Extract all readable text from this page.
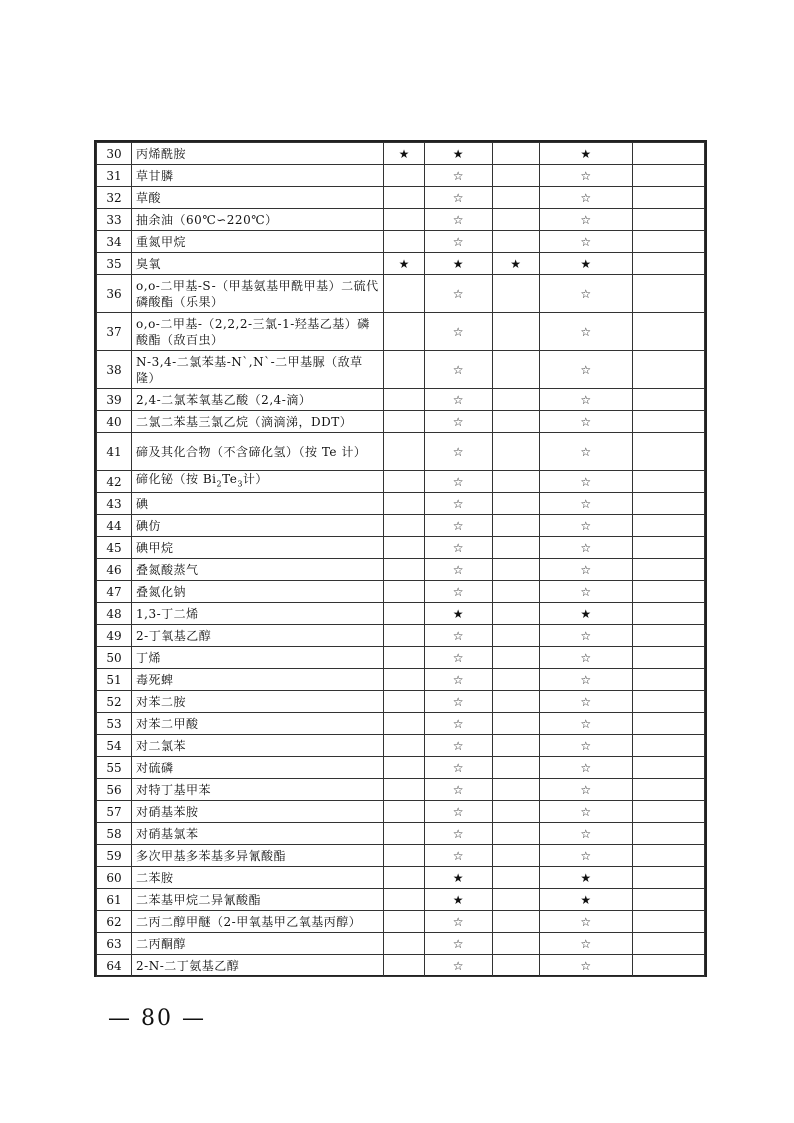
30	丙烯酰胺	★	★		★	
31	草甘膦		☆		☆	
32	草酸		☆		☆	
33	抽余油（60℃∽220℃）		☆		☆	
34	重氮甲烷		☆		☆	
35	臭氧	★	★	★	★	
36	o,o-二甲基-S-（甲基氨基甲酰甲基）二硫代磷酸酯（乐果）		☆		☆	
37	o,o-二甲基-（2,2,2-三氯-1-羟基乙基）磷酸酯（敌百虫）		☆		☆	
38	N-3,4-二氯苯基-N`,N`-二甲基脲（敌草隆）		☆		☆	
39	2,4-二氯苯氧基乙酸（2,4-滴）		☆		☆	
40	二氯二苯基三氯乙烷（滴滴涕，DDT）		☆		☆	
41	碲及其化合物（不含碲化氢）（按 Te 计）		☆		☆	
42	碲化铋（按 $Bi_2Te_3$计）		☆		☆	
43	碘		☆		☆	
44	碘仿		☆		☆	
45	碘甲烷		☆		☆	
46	叠氮酸蒸气		☆		☆	
47	叠氮化钠		☆		☆	
48	1,3-丁二烯		★		★	
49	2-丁氧基乙醇		☆		☆	
50	丁烯		☆		☆	
51	毒死蜱		☆		☆	
52	对苯二胺		☆		☆	
53	对苯二甲酸		☆		☆	
54	对二氯苯		☆		☆	
55	对硫磷		☆		☆	
56	对特丁基甲苯		☆		☆	
57	对硝基苯胺		☆		☆	
58	对硝基氯苯		☆		☆	
59	多次甲基多苯基多异氰酸酯		☆		☆	
60	二苯胺		★		★	
61	二苯基甲烷二异氰酸酯		★		★	
62	二丙二醇甲醚（2-甲氧基甲乙氧基丙醇）		☆		☆	
63	二丙酮醇		☆		☆	
64	2-N-二丁氨基乙醇		☆		☆	
— 80 —
